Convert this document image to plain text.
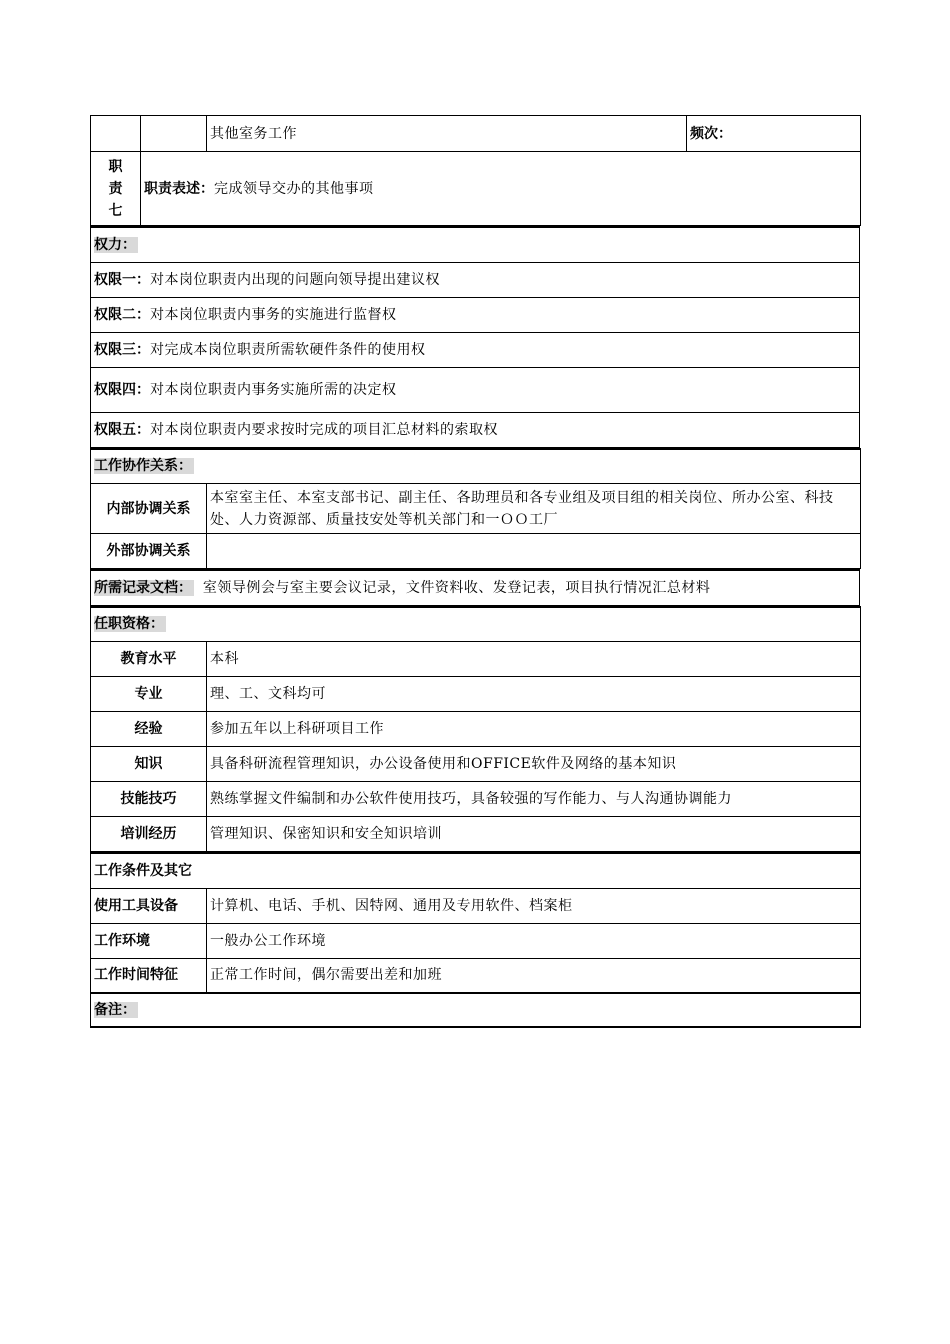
		其他室务工作	频次：

职
责
七	职责表述：完成领导交办的其他事项		
权力：
权限一：对本岗位职责内出现的问题向领导提出建议权
权限二：对本岗位职责内事务的实施进行监督权
权限三：对完成本岗位职责所需软硬件条件的使用权
权限四：对本岗位职责内事务实施所需的决定权
权限五：对本岗位职责内要求按时完成的项目汇总材料的索取权
工作协作关系：	
内部协调关系	本室室主任、本室支部书记、副主任、各助理员和各专业组及项目组的相关岗位、所办公室、科技处、人力资源部、质量技安处等机关部门和一ＯＯ工厂
外部协调关系	
所需记录文档： 室领导例会与室主要会议记录，文件资料收、发登记表，项目执行情况汇总材料
任职资格：	
教育水平	本科
专业	理、工、文科均可
经验	参加五年以上科研项目工作
知识	具备科研流程管理知识，办公设备使用和OFFICE软件及网络的基本知识
技能技巧	熟练掌握文件编制和办公软件使用技巧，具备较强的写作能力、与人沟通协调能力
培训经历	管理知识、保密知识和安全知识培训
工作条件及其它	
使用工具设备	计算机、电话、手机、因特网、通用及专用软件、档案柜
工作环境	一般办公工作环境
工作时间特征	正常工作时间，偶尔需要出差和加班
备注：	
